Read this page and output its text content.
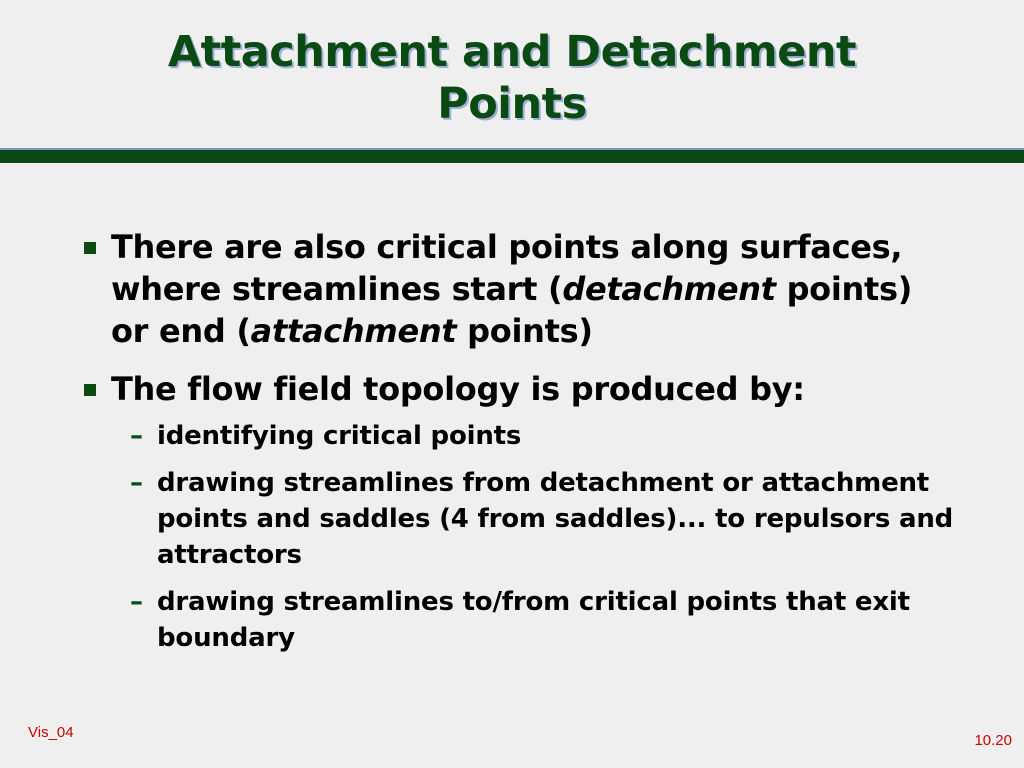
Attachment and Detachment
Points
There are also critical points along surfaces, where streamlines start (detachment points) or end (attachment points)
The flow field topology is produced by:
– identifying critical points
– drawing streamlines from detachment or attachment points and saddles (4 from saddles)... to repulsors and attractors
– drawing streamlines to/from critical points that exit boundary
Vis_04	10.20
